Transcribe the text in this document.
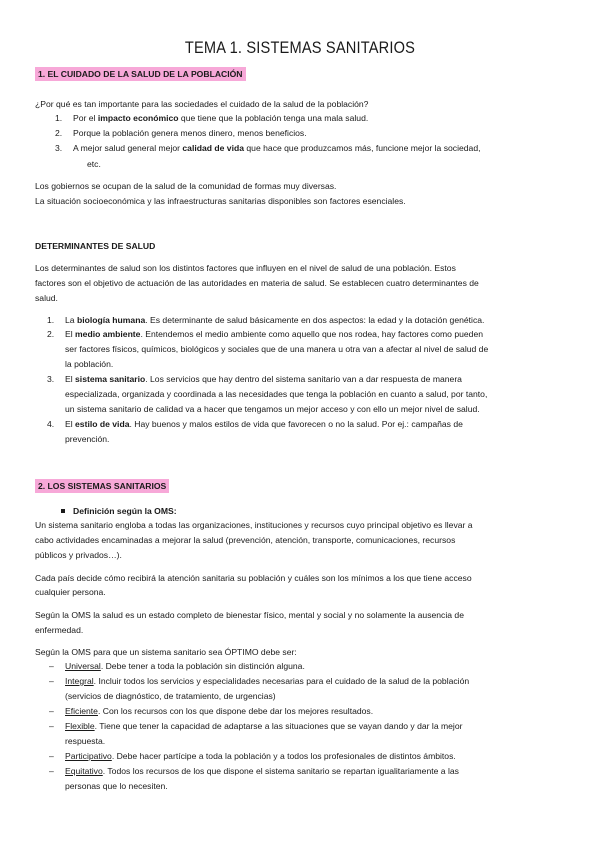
TEMA 1. SISTEMAS SANITARIOS
1. EL CUIDADO DE LA SALUD DE LA POBLACIÓN
¿Por qué es tan importante para las sociedades el cuidado de la salud de la población?
1. Por el impacto económico que tiene que la población tenga una mala salud.
2. Porque la población genera menos dinero, menos beneficios.
3. A mejor salud general mejor calidad de vida que hace que produzcamos más, funcione mejor la sociedad,
etc.
Los gobiernos se ocupan de la salud de la comunidad de formas muy diversas.
La situación socioeconómica y las infraestructuras sanitarias disponibles son factores esenciales.
DETERMINANTES DE SALUD
Los determinantes de salud son los distintos factores que influyen en el nivel de salud de una población. Estos
factores son el objetivo de actuación de las autoridades en materia de salud. Se establecen cuatro determinantes de
salud.
1. La biología humana. Es determinante de salud básicamente en dos aspectos: la edad y la dotación genética.
2. El medio ambiente. Entendemos el medio ambiente como aquello que nos rodea, hay factores como pueden
ser factores físicos, químicos, biológicos y sociales que de una manera u otra van a afectar al nivel de salud de
la población.
3. El sistema sanitario. Los servicios que hay dentro del sistema sanitario van a dar respuesta de manera
especializada, organizada y coordinada a las necesidades que tenga la población en cuanto a salud, por tanto,
un sistema sanitario de calidad va a hacer que tengamos un mejor acceso y con ello un mejor nivel de salud.
4. El estilo de vida. Hay buenos y malos estilos de vida que favorecen o no la salud. Por ej.: campañas de
prevención.
2. LOS SISTEMAS SANITARIOS
Definición según la OMS:
Un sistema sanitario engloba a todas las organizaciones, instituciones y recursos cuyo principal objetivo es llevar a
cabo actividades encaminadas a mejorar la salud (prevención, atención, transporte, comunicaciones, recursos
públicos y privados…).
Cada país decide cómo recibirá la atención sanitaria su población y cuáles son los mínimos a los que tiene acceso
cualquier persona.
Según la OMS la salud es un estado completo de bienestar físico, mental y social y no solamente la ausencia de
enfermedad.
Según la OMS para que un sistema sanitario sea ÓPTIMO debe ser:
– Universal. Debe tener a toda la población sin distinción alguna.
– Integral. Incluir todos los servicios y especialidades necesarias para el cuidado de la salud de la población
(servicios de diagnóstico, de tratamiento, de urgencias)
– Eficiente. Con los recursos con los que dispone debe dar los mejores resultados.
– Flexible. Tiene que tener la capacidad de adaptarse a las situaciones que se vayan dando y dar la mejor
respuesta.
– Participativo. Debe hacer partícipe a toda la población y a todos los profesionales de distintos ámbitos.
– Equitativo. Todos los recursos de los que dispone el sistema sanitario se repartan igualitariamente a las
personas que lo necesiten.
